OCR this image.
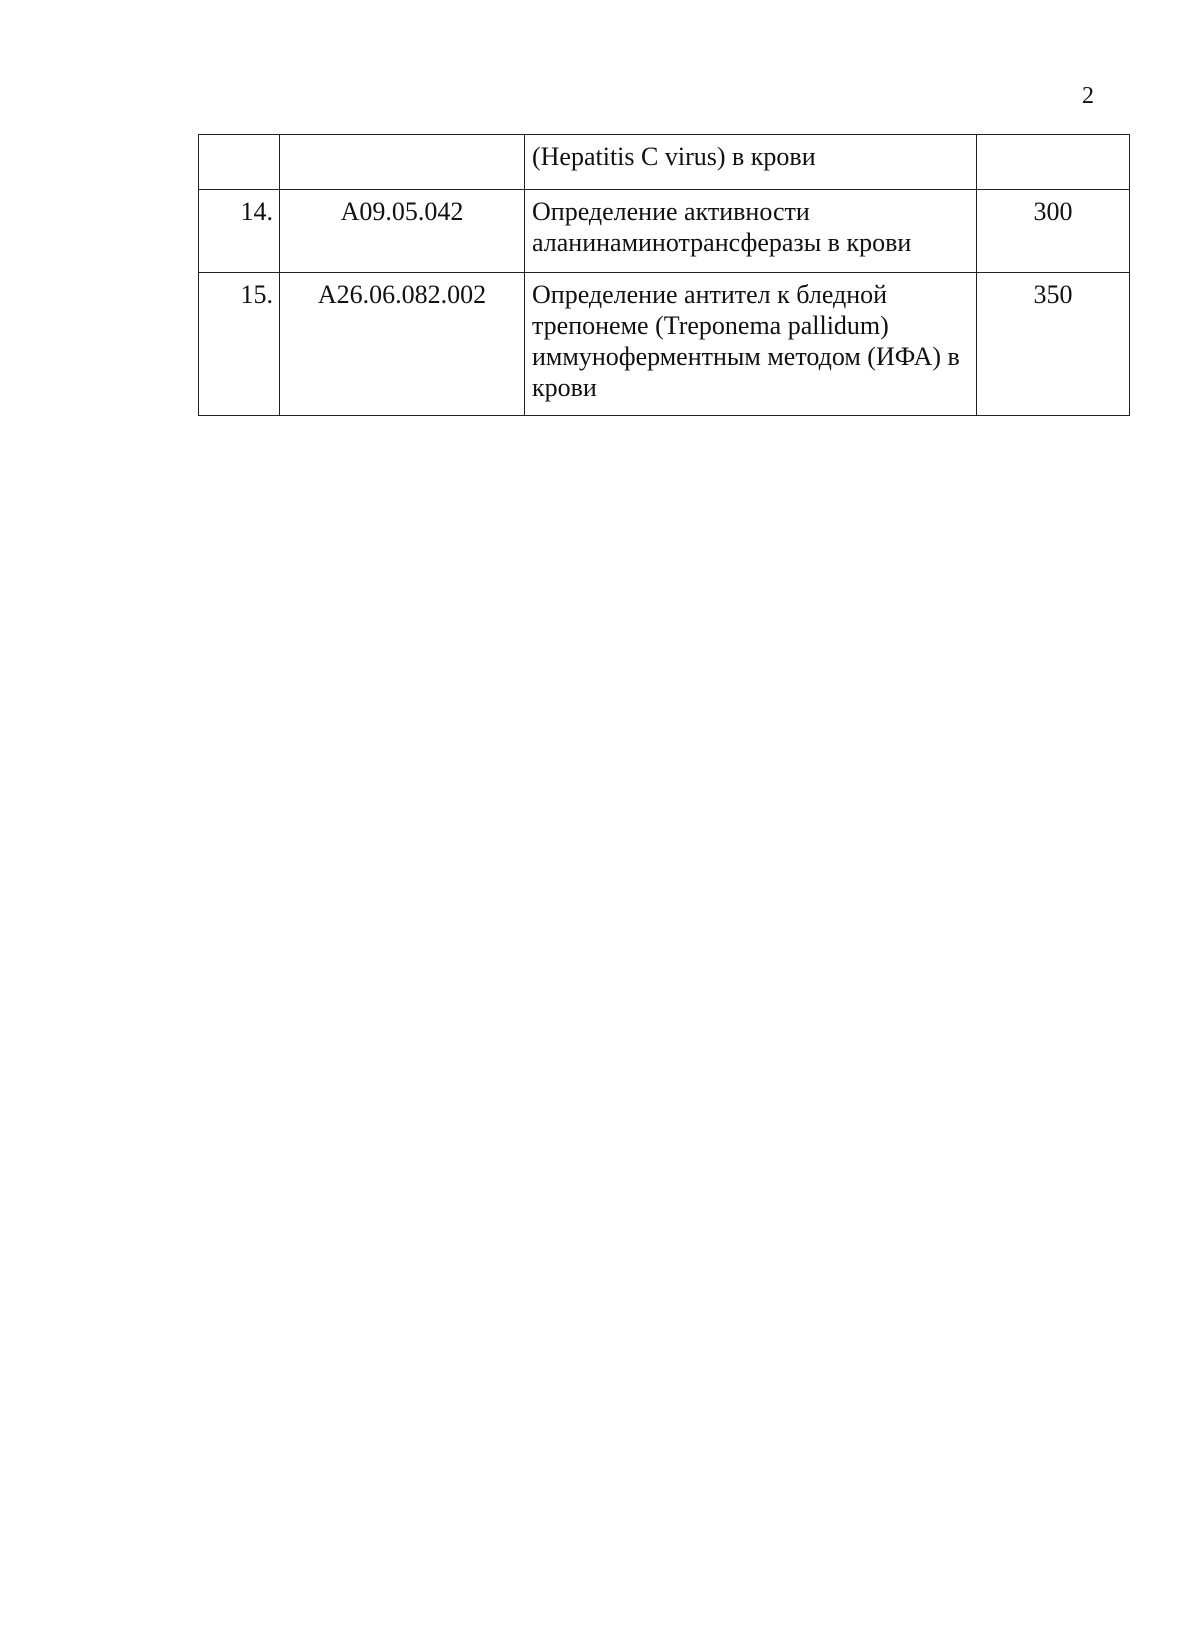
2

		(Hepatitis C virus) в крови	

14.	A09.05.042	Определение активности аланинаминотрансферазы в крови	300

15.	A26.06.082.002	Определение антител к бледной трепонеме (Treponema pallidum) иммуноферментным методом (ИФА) в крови	350
